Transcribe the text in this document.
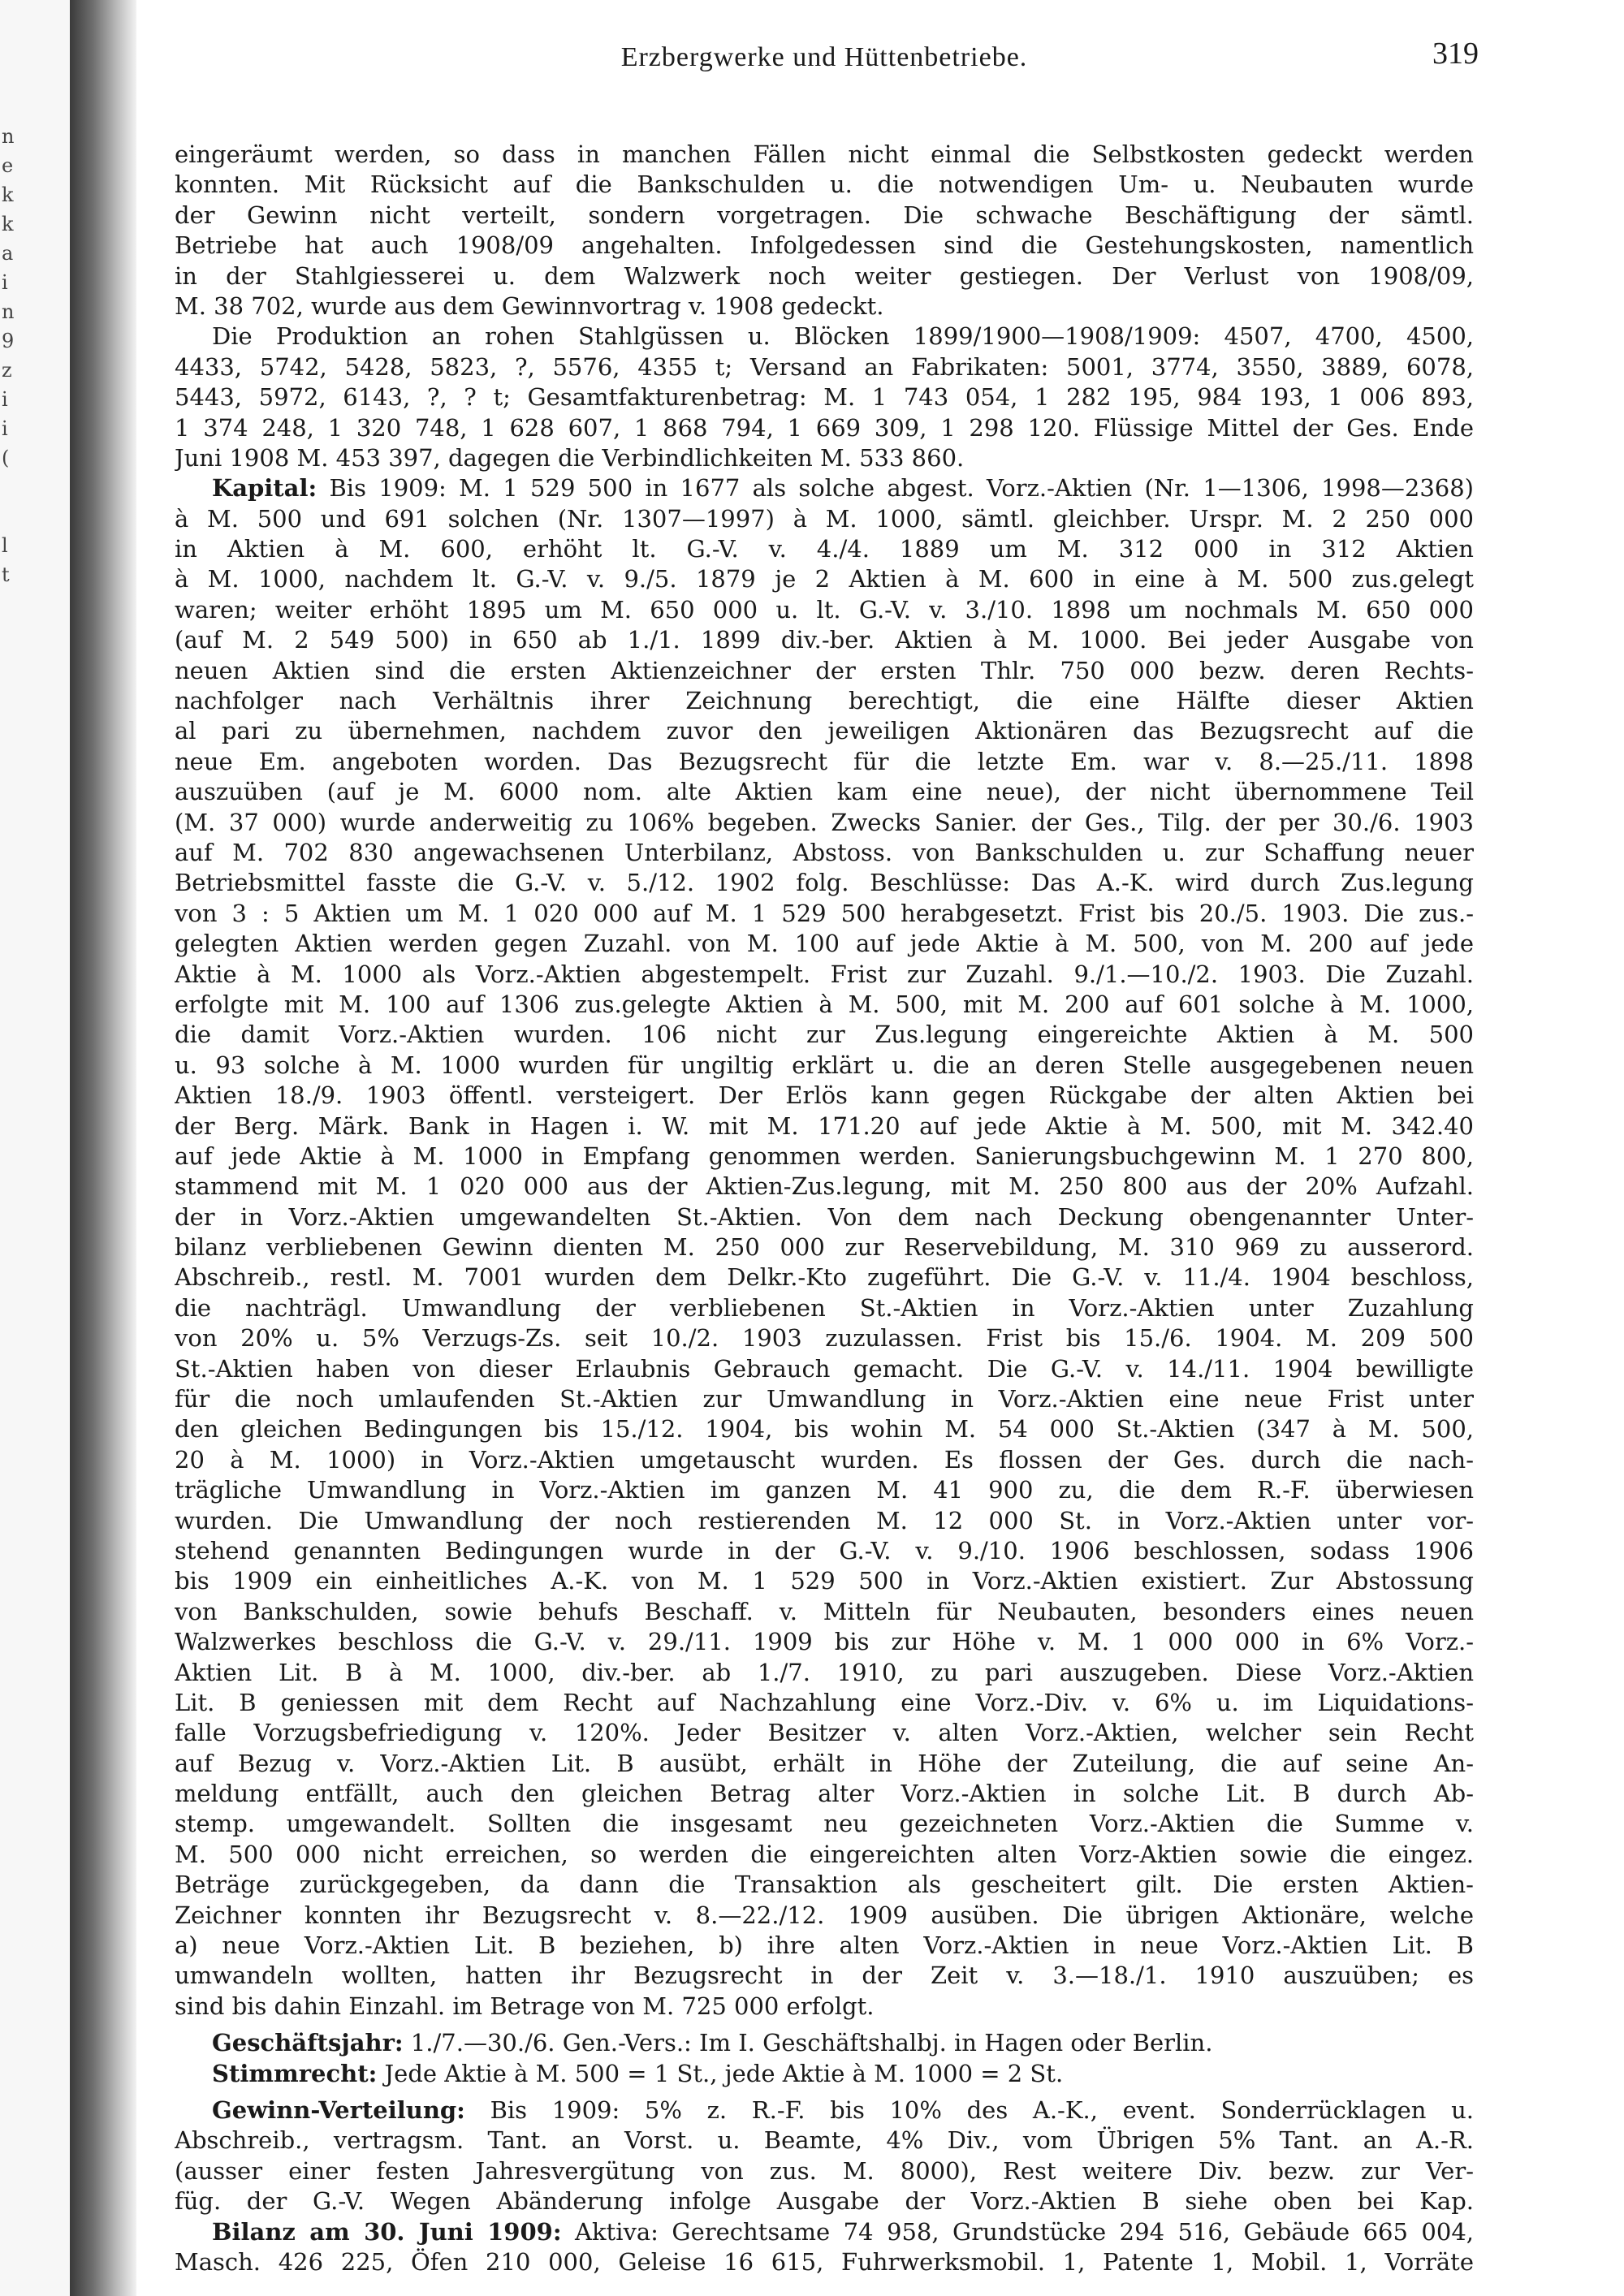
n
e
k
k
a
i
n
9
z
i
i
(

l
t
Erzbergwerke und Hüttenbetriebe.	319
eingeräumt werden, so dass in manchen Fällen nicht einmal die Selbstkosten gedeckt werden
konnten. Mit Rücksicht auf die Bankschulden u. die notwendigen Um- u. Neubauten wurde
der Gewinn nicht verteilt, sondern vorgetragen. Die schwache Beschäftigung der sämtl.
Betriebe hat auch 1908/09 angehalten. Infolgedessen sind die Gestehungskosten, namentlich
in der Stahlgiesserei u. dem Walzwerk noch weiter gestiegen. Der Verlust von 1908/09,
M. 38 702, wurde aus dem Gewinnvortrag v. 1908 gedeckt.
Die Produktion an rohen Stahlgüssen u. Blöcken 1899/1900—1908/1909: 4507, 4700, 4500,
4433, 5742, 5428, 5823, ?, 5576, 4355 t; Versand an Fabrikaten: 5001, 3774, 3550, 3889, 6078,
5443, 5972, 6143, ?, ? t; Gesamtfakturenbetrag: M. 1 743 054, 1 282 195, 984 193, 1 006 893,
1 374 248, 1 320 748, 1 628 607, 1 868 794, 1 669 309, 1 298 120. Flüssige Mittel der Ges. Ende
Juni 1908 M. 453 397, dagegen die Verbindlichkeiten M. 533 860.
Kapital: Bis 1909: M. 1 529 500 in 1677 als solche abgest. Vorz.-Aktien (Nr. 1—1306, 1998—2368)
à M. 500 und 691 solchen (Nr. 1307—1997) à M. 1000, sämtl. gleichber. Urspr. M. 2 250 000
in Aktien à M. 600, erhöht lt. G.-V. v. 4./4. 1889 um M. 312 000 in 312 Aktien
à M. 1000, nachdem lt. G.-V. v. 9./5. 1879 je 2 Aktien à M. 600 in eine à M. 500 zus.gelegt
waren; weiter erhöht 1895 um M. 650 000 u. lt. G.-V. v. 3./10. 1898 um nochmals M. 650 000
(auf M. 2 549 500) in 650 ab 1./1. 1899 div.-ber. Aktien à M. 1000. Bei jeder Ausgabe von
neuen Aktien sind die ersten Aktienzeichner der ersten Thlr. 750 000 bezw. deren Rechts-
nachfolger nach Verhältnis ihrer Zeichnung berechtigt, die eine Hälfte dieser Aktien
al pari zu übernehmen, nachdem zuvor den jeweiligen Aktionären das Bezugsrecht auf die
neue Em. angeboten worden. Das Bezugsrecht für die letzte Em. war v. 8.—25./11. 1898
auszuüben (auf je M. 6000 nom. alte Aktien kam eine neue), der nicht übernommene Teil
(M. 37 000) wurde anderweitig zu 106% begeben. Zwecks Sanier. der Ges., Tilg. der per 30./6. 1903
auf M. 702 830 angewachsenen Unterbilanz, Abstoss. von Bankschulden u. zur Schaffung neuer
Betriebsmittel fasste die G.-V. v. 5./12. 1902 folg. Beschlüsse: Das A.-K. wird durch Zus.legung
von 3 : 5 Aktien um M. 1 020 000 auf M. 1 529 500 herabgesetzt. Frist bis 20./5. 1903. Die zus.-
gelegten Aktien werden gegen Zuzahl. von M. 100 auf jede Aktie à M. 500, von M. 200 auf jede
Aktie à M. 1000 als Vorz.-Aktien abgestempelt. Frist zur Zuzahl. 9./1.—10./2. 1903. Die Zuzahl.
erfolgte mit M. 100 auf 1306 zus.gelegte Aktien à M. 500, mit M. 200 auf 601 solche à M. 1000,
die damit Vorz.-Aktien wurden. 106 nicht zur Zus.legung eingereichte Aktien à M. 500
u. 93 solche à M. 1000 wurden für ungiltig erklärt u. die an deren Stelle ausgegebenen neuen
Aktien 18./9. 1903 öffentl. versteigert. Der Erlös kann gegen Rückgabe der alten Aktien bei
der Berg. Märk. Bank in Hagen i. W. mit M. 171.20 auf jede Aktie à M. 500, mit M. 342.40
auf jede Aktie à M. 1000 in Empfang genommen werden. Sanierungsbuchgewinn M. 1 270 800,
stammend mit M. 1 020 000 aus der Aktien-Zus.legung, mit M. 250 800 aus der 20% Aufzahl.
der in Vorz.-Aktien umgewandelten St.-Aktien. Von dem nach Deckung obengenannter Unter-
bilanz verbliebenen Gewinn dienten M. 250 000 zur Reservebildung, M. 310 969 zu ausserord.
Abschreib., restl. M. 7001 wurden dem Delkr.-Kto zugeführt. Die G.-V. v. 11./4. 1904 beschloss,
die nachträgl. Umwandlung der verbliebenen St.-Aktien in Vorz.-Aktien unter Zuzahlung
von 20% u. 5% Verzugs-Zs. seit 10./2. 1903 zuzulassen. Frist bis 15./6. 1904. M. 209 500
St.-Aktien haben von dieser Erlaubnis Gebrauch gemacht. Die G.-V. v. 14./11. 1904 bewilligte
für die noch umlaufenden St.-Aktien zur Umwandlung in Vorz.-Aktien eine neue Frist unter
den gleichen Bedingungen bis 15./12. 1904, bis wohin M. 54 000 St.-Aktien (347 à M. 500,
20 à M. 1000) in Vorz.-Aktien umgetauscht wurden. Es flossen der Ges. durch die nach-
trägliche Umwandlung in Vorz.-Aktien im ganzen M. 41 900 zu, die dem R.-F. überwiesen
wurden. Die Umwandlung der noch restierenden M. 12 000 St. in Vorz.-Aktien unter vor-
stehend genannten Bedingungen wurde in der G.-V. v. 9./10. 1906 beschlossen, sodass 1906
bis 1909 ein einheitliches A.-K. von M. 1 529 500 in Vorz.-Aktien existiert. Zur Abstossung
von Bankschulden, sowie behufs Beschaff. v. Mitteln für Neubauten, besonders eines neuen
Walzwerkes beschloss die G.-V. v. 29./11. 1909 bis zur Höhe v. M. 1 000 000 in 6% Vorz.-
Aktien Lit. B à M. 1000, div.-ber. ab 1./7. 1910, zu pari auszugeben. Diese Vorz.-Aktien
Lit. B geniessen mit dem Recht auf Nachzahlung eine Vorz.-Div. v. 6% u. im Liquidations-
falle Vorzugsbefriedigung v. 120%. Jeder Besitzer v. alten Vorz.-Aktien, welcher sein Recht
auf Bezug v. Vorz.-Aktien Lit. B ausübt, erhält in Höhe der Zuteilung, die auf seine An-
meldung entfällt, auch den gleichen Betrag alter Vorz.-Aktien in solche Lit. B durch Ab-
stemp. umgewandelt. Sollten die insgesamt neu gezeichneten Vorz.-Aktien die Summe v.
M. 500 000 nicht erreichen, so werden die eingereichten alten Vorz-Aktien sowie die eingez.
Beträge zurückgegeben, da dann die Transaktion als gescheitert gilt. Die ersten Aktien-
Zeichner konnten ihr Bezugsrecht v. 8.—22./12. 1909 ausüben. Die übrigen Aktionäre, welche
a) neue Vorz.-Aktien Lit. B beziehen, b) ihre alten Vorz.-Aktien in neue Vorz.-Aktien Lit. B
umwandeln wollten, hatten ihr Bezugsrecht in der Zeit v. 3.—18./1. 1910 auszuüben; es
sind bis dahin Einzahl. im Betrage von M. 725 000 erfolgt.
Geschäftsjahr: 1./7.—30./6. Gen.-Vers.: Im I. Geschäftshalbj. in Hagen oder Berlin.
Stimmrecht: Jede Aktie à M. 500 = 1 St., jede Aktie à M. 1000 = 2 St.
Gewinn-Verteilung: Bis 1909: 5% z. R.-F. bis 10% des A.-K., event. Sonderrücklagen u.
Abschreib., vertragsm. Tant. an Vorst. u. Beamte, 4% Div., vom Übrigen 5% Tant. an A.-R.
(ausser einer festen Jahresvergütung von zus. M. 8000), Rest weitere Div. bezw. zur Ver-
füg. der G.-V. Wegen Abänderung infolge Ausgabe der Vorz.-Aktien B siehe oben bei Kap.
Bilanz am 30. Juni 1909: Aktiva: Gerechtsame 74 958, Grundstücke 294 516, Gebäude 665 004,
Masch. 426 225, Öfen 210 000, Geleise 16 615, Fuhrwerksmobil. 1, Patente 1, Mobil. 1, Vorräte
